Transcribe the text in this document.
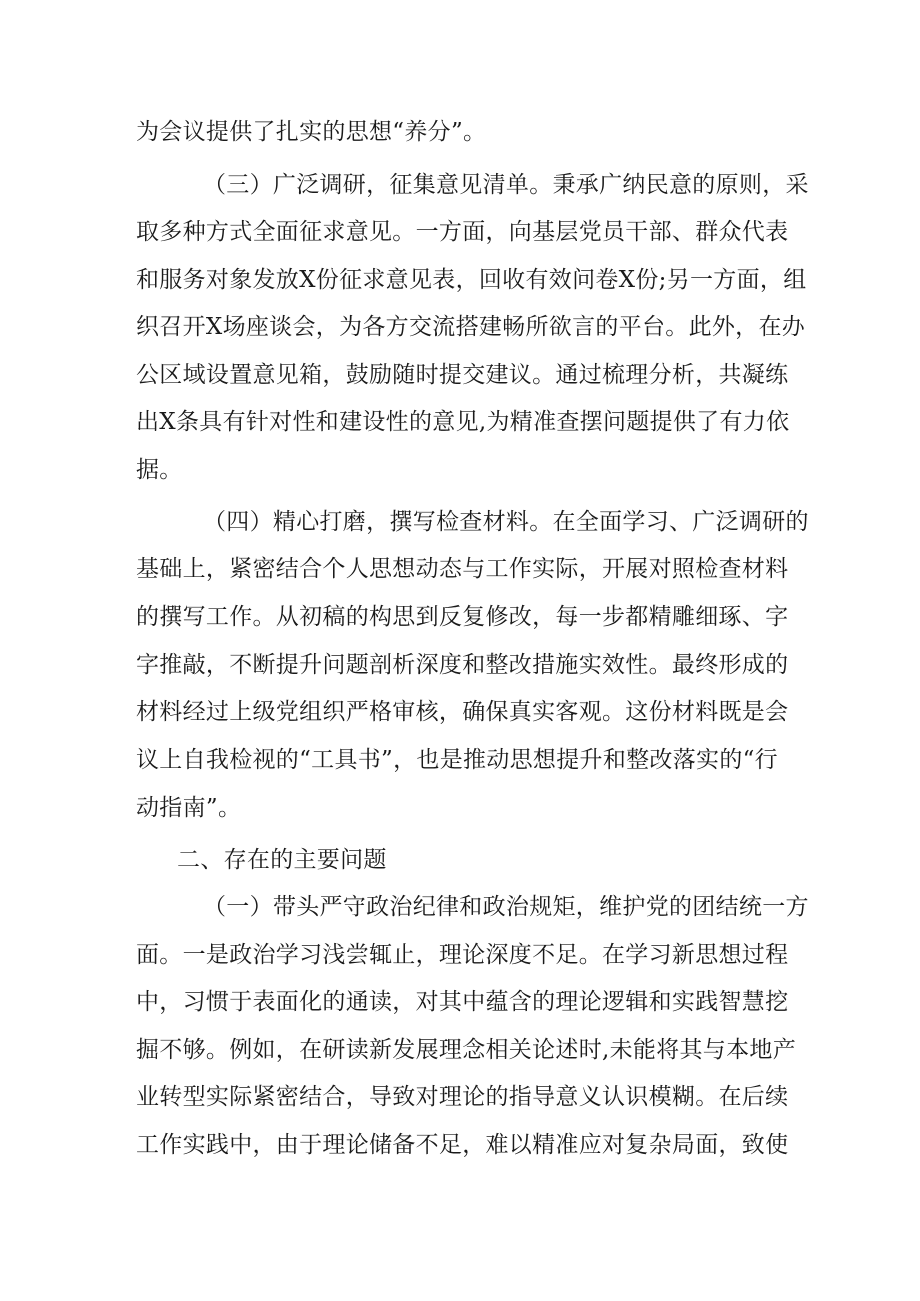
为会议提供了扎实的思想“养分”。

（三）广泛调研，征集意见清单。秉承广纳民意的原则，采

取多种方式全面征求意见。一方面，向基层党员干部、群众代表

和服务对象发放X份征求意见表，回收有效问卷X份;另一方面，组

织召开X场座谈会，为各方交流搭建畅所欲言的平台。此外，在办

公区域设置意见箱，鼓励随时提交建议。通过梳理分析，共凝练

出X条具有针对性和建设性的意见,为精准查摆问题提供了有力依

据。

（四）精心打磨，撰写检查材料。在全面学习、广泛调研的

基础上，紧密结合个人思想动态与工作实际，开展对照检查材料

的撰写工作。从初稿的构思到反复修改，每一步都精雕细琢、字

字推敲，不断提升问题剖析深度和整改措施实效性。最终形成的

材料经过上级党组织严格审核，确保真实客观。这份材料既是会

议上自我检视的“工具书”，也是推动思想提升和整改落实的“行

动指南”。

二、存在的主要问题

（一）带头严守政治纪律和政治规矩，维护党的团结统一方

面。一是政治学习浅尝辄止，理论深度不足。在学习新思想过程

中，习惯于表面化的通读，对其中蕴含的理论逻辑和实践智慧挖

掘不够。例如，在研读新发展理念相关论述时,未能将其与本地产

业转型实际紧密结合，导致对理论的指导意义认识模糊。在后续

工作实践中，由于理论储备不足，难以精准应对复杂局面，致使
